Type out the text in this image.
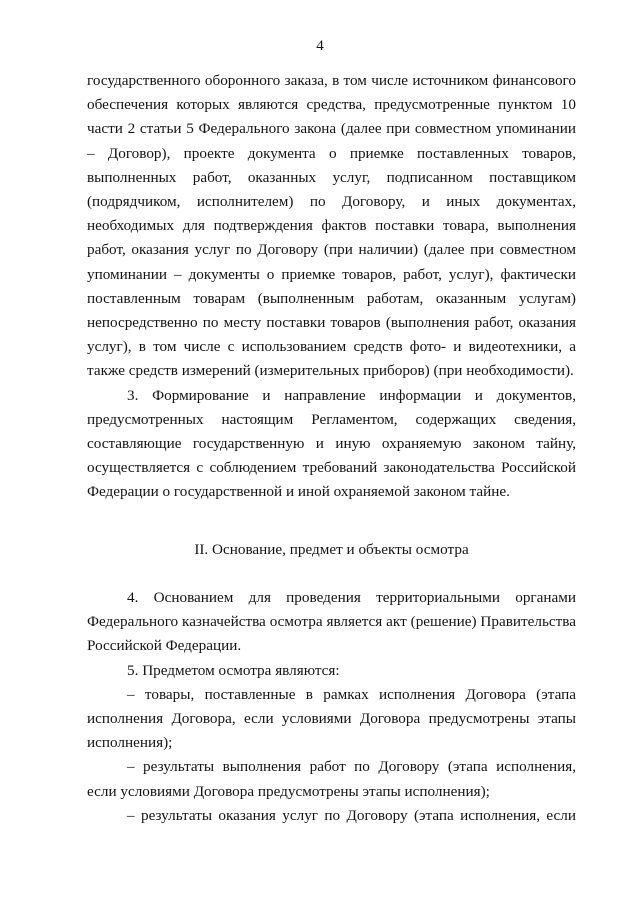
4

государственного оборонного заказа, в том числе источником финансового обеспечения которых являются средства, предусмотренные пунктом 10 части 2 статьи 5 Федерального закона (далее при совместном упоминании – Договор), проекте документа о приемке поставленных товаров, выполненных работ, оказанных услуг, подписанном поставщиком (подрядчиком, исполнителем) по Договору, и иных документах, необходимых для подтверждения фактов поставки товара, выполнения работ, оказания услуг по Договору (при наличии) (далее при совместном упоминании – документы о приемке товаров, работ, услуг), фактически поставленным товарам (выполненным работам, оказанным услугам) непосредственно по месту поставки товаров (выполнения работ, оказания услуг), в том числе с использованием средств фото- и видеотехники, а также средств измерений (измерительных приборов) (при необходимости).

3. Формирование и направление информации и документов, предусмотренных настоящим Регламентом, содержащих сведения, составляющие государственную и иную охраняемую законом тайну, осуществляется с соблюдением требований законодательства Российской Федерации о государственной и иной охраняемой законом тайне.

II. Основание, предмет и объекты осмотра

4. Основанием для проведения территориальными органами Федерального казначейства осмотра является акт (решение) Правительства Российской Федерации.

5. Предметом осмотра являются:

– товары, поставленные в рамках исполнения Договора (этапа исполнения Договора, если условиями Договора предусмотрены этапы исполнения);

– результаты выполнения работ по Договору (этапа исполнения, если условиями Договора предусмотрены этапы исполнения);

– результаты оказания услуг по Договору (этапа исполнения, если
